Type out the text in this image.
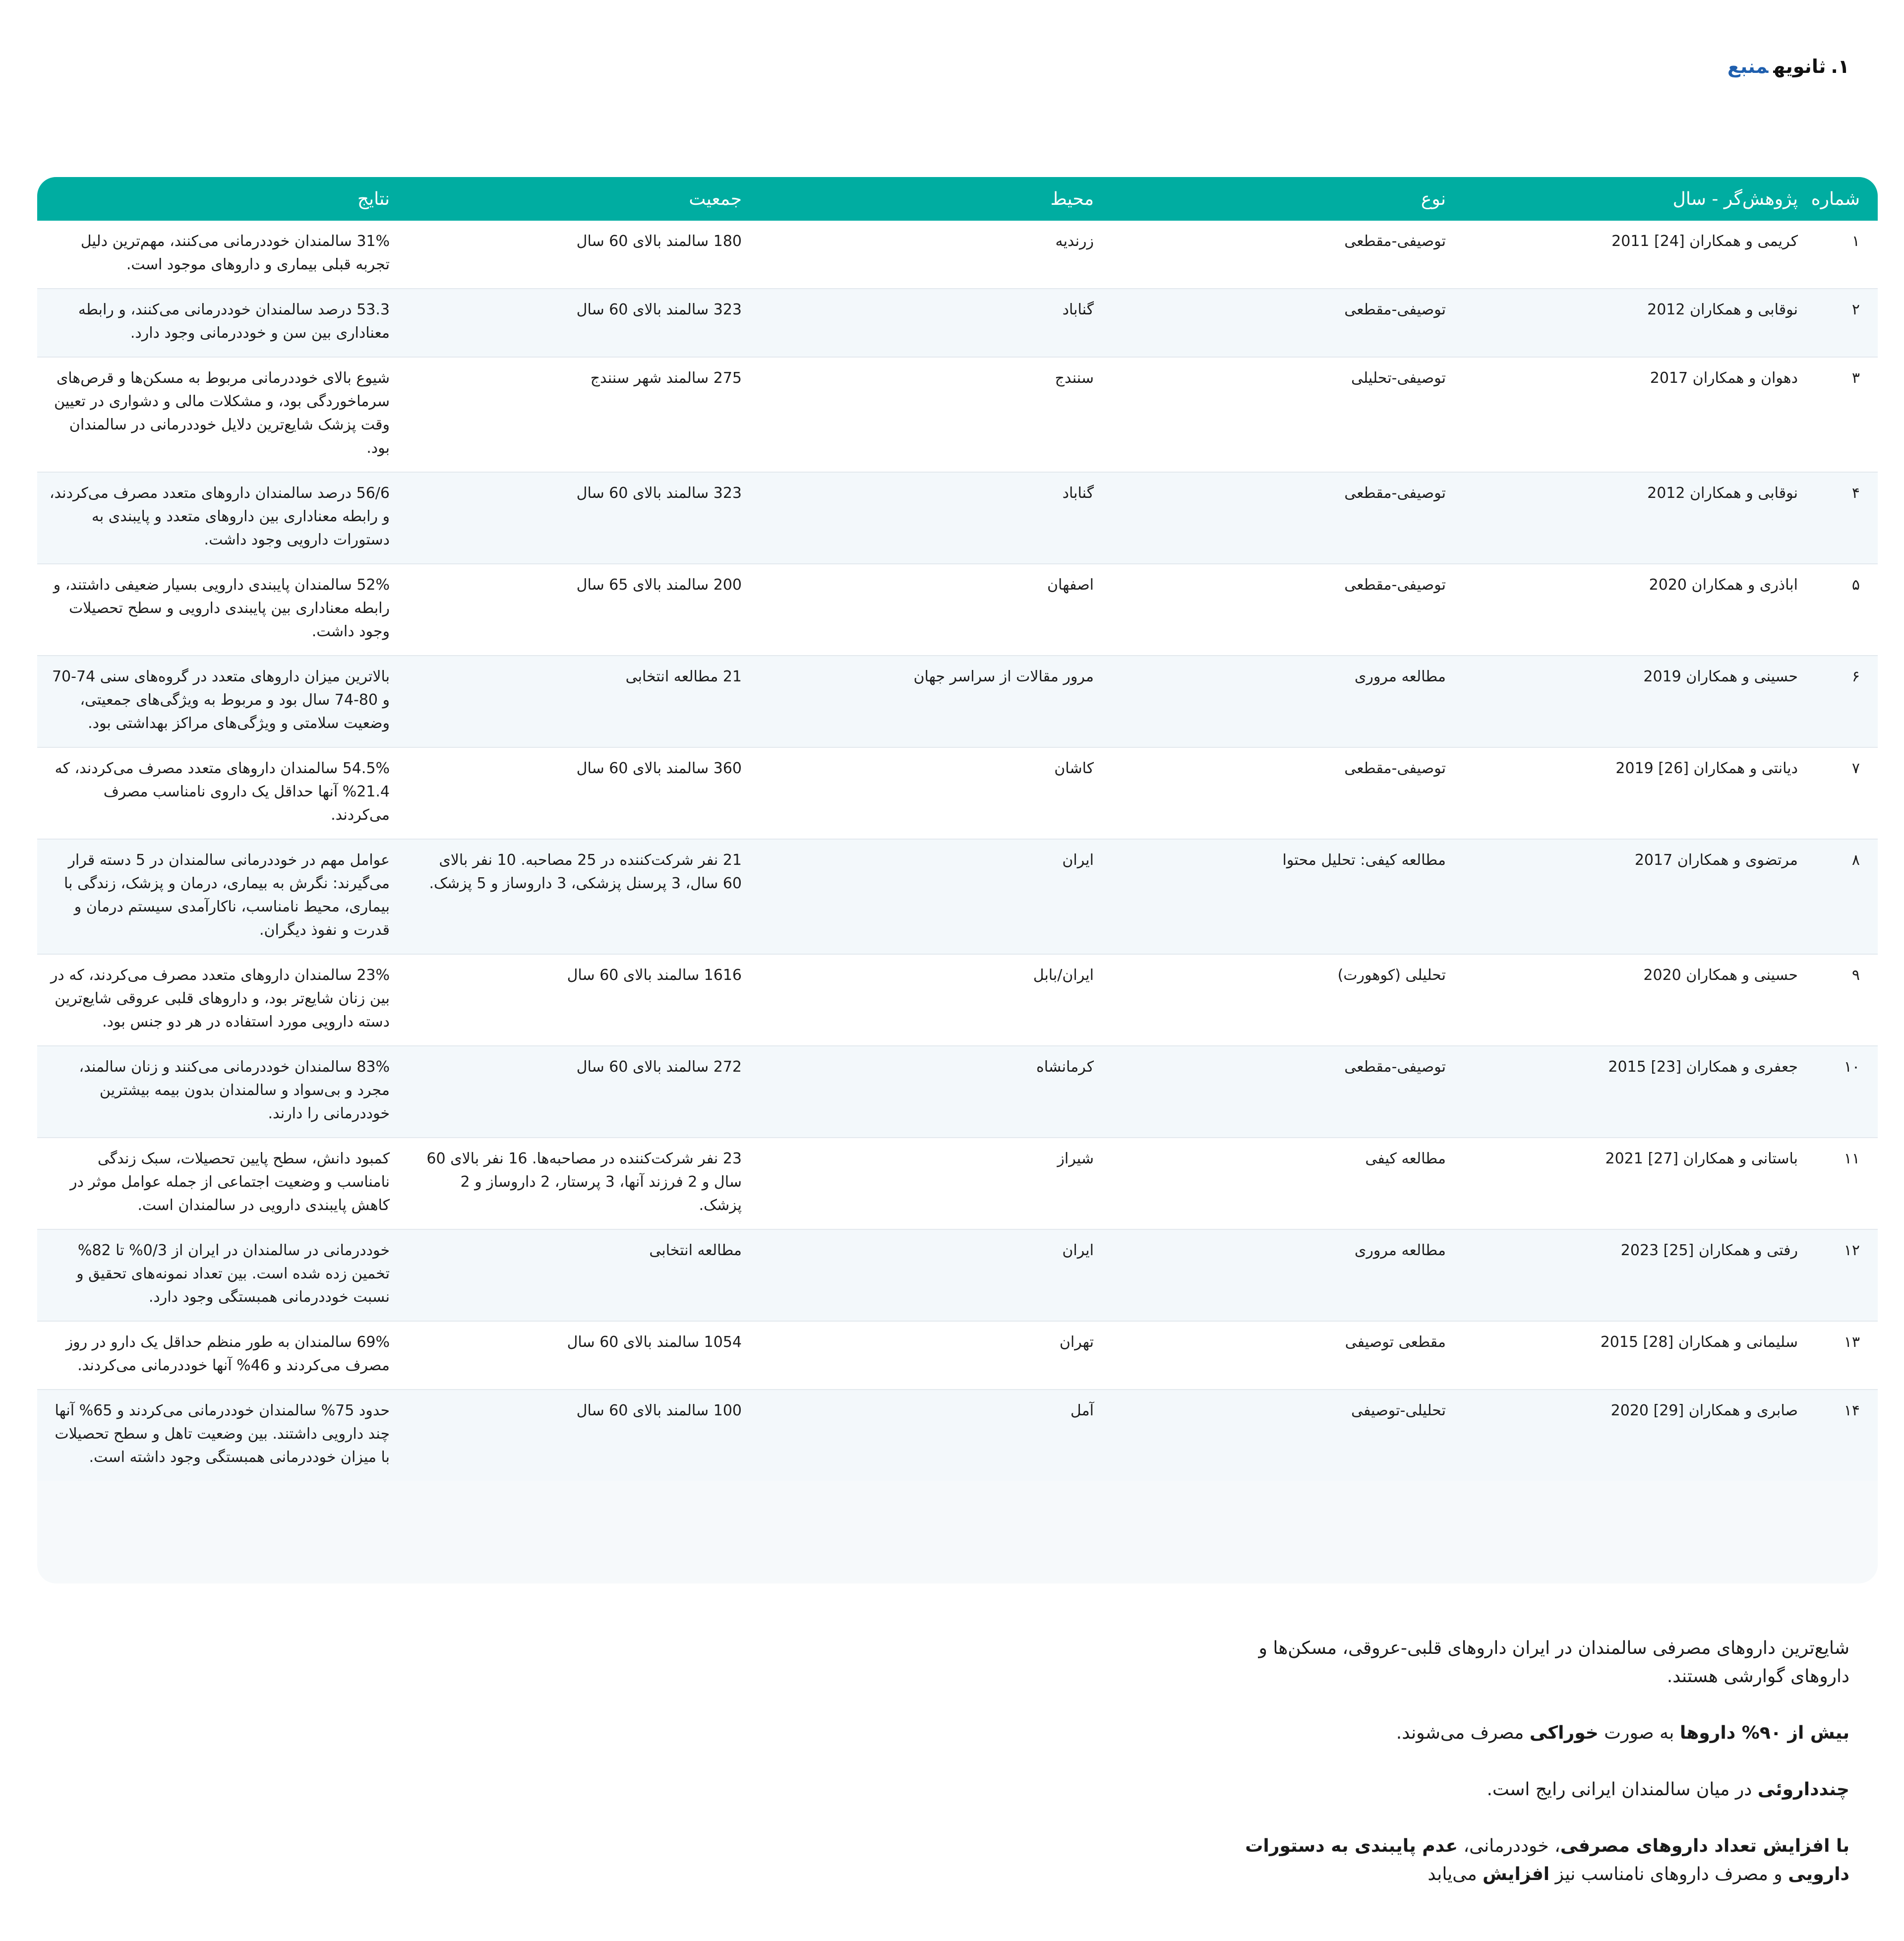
۱.ثانویهمنبع
شماره	پژوهش‌گر - سال	نوع	محیط	جمعیت	نتایج
۱	کریمی و همکاران [24] 2011	توصیفی-مقطعی	زرندیه	180 سالمند بالای 60 سال	31% سالمندان خوددرمانی می‌کنند، مهم‌ترین دلیل تجربه قبلی بیماری و داروهای موجود است.
۲	نوقابی و همکاران 2012	توصیفی-مقطعی	گناباد	323 سالمند بالای 60 سال	53.3 درصد سالمندان خوددرمانی می‌کنند، و رابطه معناداری بین سن و خوددرمانی وجود دارد.
۳	دهوان و همکاران 2017	توصیفی-تحلیلی	سنندج	275 سالمند شهر سنندج	شیوع بالای خوددرمانی مربوط به مسکن‌ها و قرص‌های سرماخوردگی بود، و مشکلات مالی و دشواری در تعیین وقت پزشک شایع‌ترین دلایل خوددرمانی در سالمندان بود.
۴	نوقابی و همکاران 2012	توصیفی-مقطعی	گناباد	323 سالمند بالای 60 سال	56/6 درصد سالمندان داروهای متعدد مصرف می‌کردند، و رابطه معناداری بین داروهای متعدد و پایبندی به دستورات دارویی وجود داشت.
۵	اباذری و همکاران 2020	توصیفی-مقطعی	اصفهان	200 سالمند بالای 65 سال	52% سالمندان پایبندی دارویی بسیار ضعیفی داشتند، و رابطه معناداری بین پایبندی دارویی و سطح تحصیلات وجود داشت.
۶	حسینی و همکاران 2019	مطالعه مروری	مرور مقالات از سراسر جهان	21 مطالعه انتخابی	بالاترین میزان داروهای متعدد در گروه‌های سنی 74-70 و 80-74 سال بود و مربوط به ویژگی‌های جمعیتی، وضعیت سلامتی و ویژگی‌های مراکز بهداشتی بود.
۷	دیانتی و همکاران [26] 2019	توصیفی-مقطعی	کاشان	360 سالمند بالای 60 سال	54.5% سالمندان داروهای متعدد مصرف می‌کردند، که 21.4% آنها حداقل یک داروی نامناسب مصرف می‌کردند.
۸	مرتضوی و همکاران 2017	مطالعه کیفی: تحلیل محتوا	ایران	21 نفر شرکت‌کننده در 25 مصاحبه. 10 نفر بالای 60 سال، 3 پرسنل پزشکی، 3 داروساز و 5 پزشک.	عوامل مهم در خوددرمانی سالمندان در 5 دسته قرار می‌گیرند: نگرش به بیماری، درمان و پزشک، زندگی با بیماری، محیط نامناسب، ناکارآمدی سیستم درمان و قدرت و نفوذ دیگران.
۹	حسینی و همکاران 2020	تحلیلی (کوهورت)	ایران/بابل	1616 سالمند بالای 60 سال	23% سالمندان داروهای متعدد مصرف می‌کردند، که در بین زنان شایع‌تر بود، و داروهای قلبی عروقی شایع‌ترین دسته دارویی مورد استفاده در هر دو جنس بود.
۱۰	جعفری و همکاران [23] 2015	توصیفی-مقطعی	کرمانشاه	272 سالمند بالای 60 سال	83% سالمندان خوددرمانی می‌کنند و زنان سالمند، مجرد و بی‌سواد و سالمندان بدون بیمه بیشترین خوددرمانی را دارند.
۱۱	باستانی و همکاران [27] 2021	مطالعه کیفی	شیراز	23 نفر شرکت‌کننده در مصاحبه‌ها. 16 نفر بالای 60 سال و 2 فرزند آنها، 3 پرستار، 2 داروساز و 2 پزشک.	کمبود دانش، سطح پایین تحصیلات، سبک زندگی نامناسب و وضعیت اجتماعی از جمله عوامل موثر در کاهش پایبندی دارویی در سالمندان است.
۱۲	رفتی و همکاران [25] 2023	مطالعه مروری	ایران	مطالعه انتخابی	خوددرمانی در سالمندان در ایران از 0/3% تا 82% تخمین زده شده است. بین تعداد نمونه‌های تحقیق و نسبت خوددرمانی همبستگی وجود دارد.
۱۳	سلیمانی و همکاران [28] 2015	مقطعی توصیفی	تهران	1054 سالمند بالای 60 سال	69% سالمندان به طور منظم حداقل یک دارو در روز مصرف می‌کردند و 46% آنها خوددرمانی می‌کردند.
۱۴	صابری و همکاران [29] 2020	تحلیلی-توصیفی	آمل	100 سالمند بالای 60 سال	حدود 75% سالمندان خوددرمانی می‌کردند و 65% آنها چند دارویی داشتند. بین وضعیت تاهل و سطح تحصیلات با میزان خوددرمانی همبستگی وجود داشته است.

شایع‌ترین داروهای مصرفی سالمندان در ایران داروهای قلبی-عروقی، مسکن‌ها و داروهای گوارشی هستند.

بیش از ۹۰% داروها به صورت خوراکی مصرف می‌شوند.

چندداروئی در میان سالمندان ایرانی رایج است.

با افزایش تعداد داروهای مصرفی، خوددرمانی، عدم پایبندی به دستورات دارویی و مصرف داروهای نامناسب نیز افزایش می‌یابد
